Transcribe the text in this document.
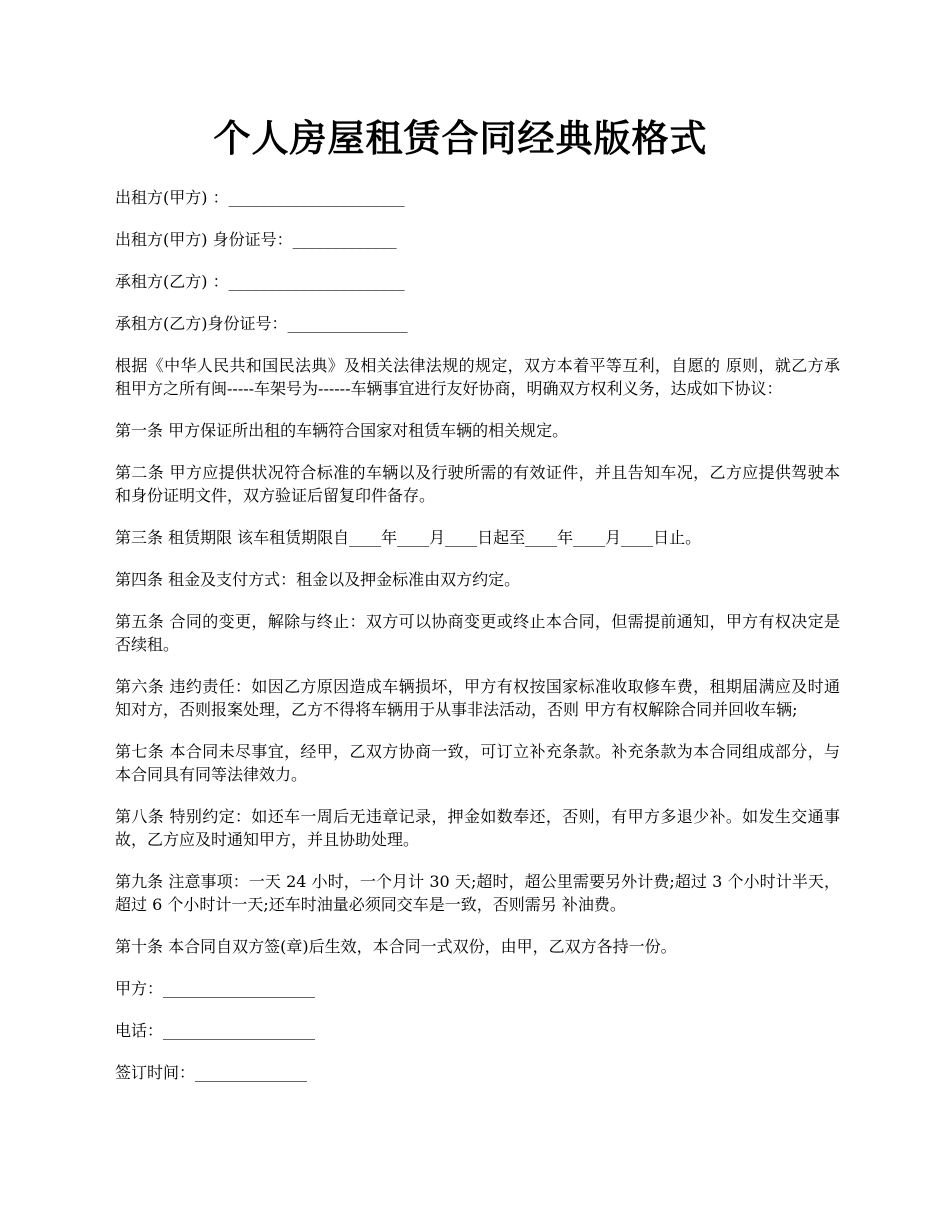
个人房屋租赁合同经典版格式

出租方(甲方) ：______________________

出租方(甲方) 身份证号：_____________

承租方(乙方) ：______________________

承租方(乙方)身份证号：_______________

根据《中华人民共和国民法典》及相关法律法规的规定，双方本着平等互利，自愿的 原则，就乙方承租甲方之所有闽-----车架号为------车辆事宜进行友好协商，明确双方权利义务，达成如下协议：

第一条 甲方保证所出租的车辆符合国家对租赁车辆的相关规定。

第二条 甲方应提供状况符合标准的车辆以及行驶所需的有效证件，并且告知车况，乙方应提供驾驶本和身份证明文件，双方验证后留复印件备存。

第三条 租赁期限 该车租赁期限自____年____月____日起至____年____月____日止。

第四条 租金及支付方式：租金以及押金标准由双方约定。

第五条 合同的变更，解除与终止：双方可以协商变更或终止本合同，但需提前通知，甲方有权决定是否续租。

第六条 违约责任：如因乙方原因造成车辆损坏，甲方有权按国家标准收取修车费，租期届满应及时通知对方，否则报案处理，乙方不得将车辆用于从事非法活动，否则 甲方有权解除合同并回收车辆;

第七条 本合同未尽事宜，经甲，乙双方协商一致，可订立补充条款。补充条款为本合同组成部分，与本合同具有同等法律效力。

第八条 特别约定：如还车一周后无违章记录，押金如数奉还，否则，有甲方多退少补。如发生交通事故，乙方应及时通知甲方，并且协助处理。

第九条 注意事项：一天 24 小时，一个月计 30 天;超时，超公里需要另外计费;超过 3 个小时计半天，超过 6 个小时计一天;还车时油量必须同交车是一致，否则需另 补油费。

第十条 本合同自双方签(章)后生效，本合同一式双份，由甲，乙双方各持一份。

甲方：___________________

电话：___________________

签订时间：______________
